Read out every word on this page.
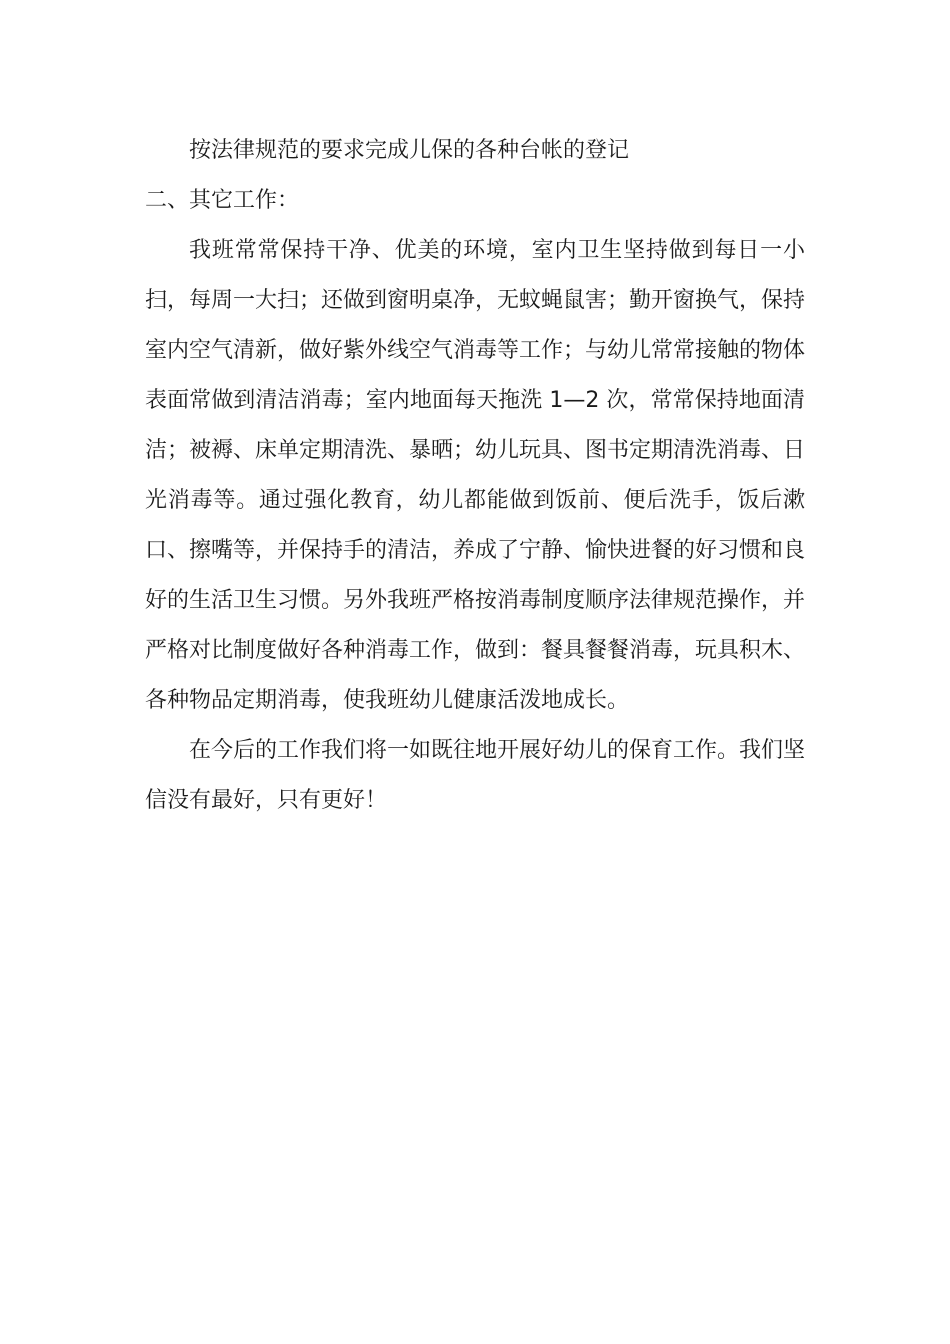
按法律规范的要求完成儿保的各种台帐的登记

二、其它工作：

我班常常保持干净、优美的环境，室内卫生坚持做到每日一小扫，每周一大扫；还做到窗明桌净，无蚊蝇鼠害；勤开窗换气，保持室内空气清新，做好紫外线空气消毒等工作；与幼儿常常接触的物体表面常做到清洁消毒；室内地面每天拖洗 1—2 次，常常保持地面清洁；被褥、床单定期清洗、暴晒；幼儿玩具、图书定期清洗消毒、日光消毒等。通过强化教育，幼儿都能做到饭前、便后洗手，饭后漱口、擦嘴等，并保持手的清洁，养成了宁静、愉快进餐的好习惯和良好的生活卫生习惯。另外我班严格按消毒制度顺序法律规范操作，并严格对比制度做好各种消毒工作，做到：餐具餐餐消毒，玩具积木、各种物品定期消毒，使我班幼儿健康活泼地成长。

在今后的工作我们将一如既往地开展好幼儿的保育工作。我们坚信没有最好，只有更好！
